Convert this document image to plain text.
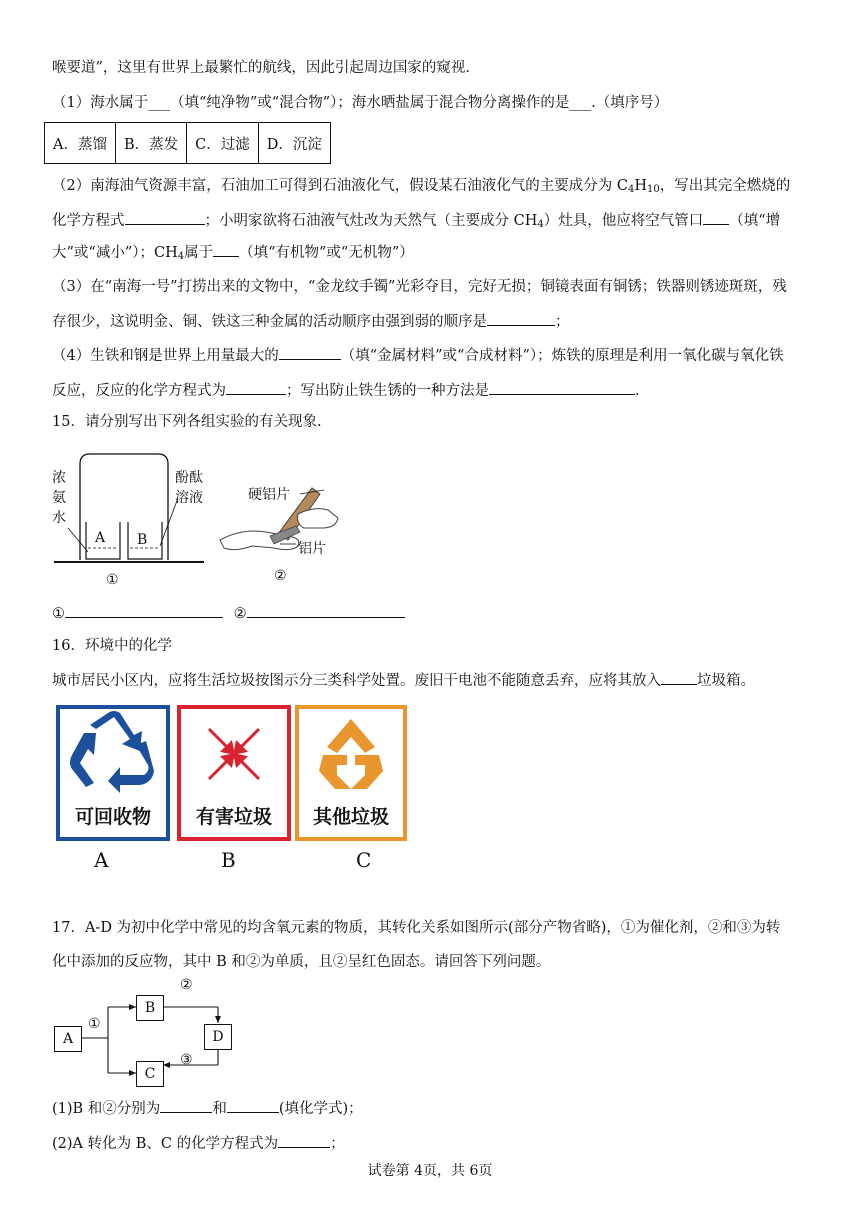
喉要道”，这里有世界上最繁忙的航线，因此引起周边国家的窥视.
（1）海水属于___（填“纯净物”或“混合物”）；海水晒盐属于混合物分离操作的是___.（填序号）
A．蒸馏	B．蒸发	C．过滤	D．沉淀
（2）南海油气资源丰富，石油加工可得到石油液化气，假设某石油液化气的主要成分为 $C_4H_{10}$，写出其完全燃烧的
化学方程式	；小明家欲将石油液气灶改为天然气（主要成分 $CH_4$）灶具，他应将空气管口 （填“增
大”或“减小”）；$CH_4$属于 （填“有机物”或“无机物”）
（3）在“南海一号”打捞出来的文物中，“金龙纹手镯”光彩夺目，完好无损；铜镜表面有铜锈；铁器则锈迹斑斑，残
存很少，这说明金、铜、铁这三种金属的活动顺序由强到弱的顺序是	；
（4）生铁和钢是世界上用量最大的	（填“金属材料”或“合成材料”）；炼铁的原理是利用一氧化碳与氧化铁
反应，反应的化学方程式为	；写出防止铁生锈的一种方法是	.
15．请分别写出下列各组实验的有关现象.
浓
氨
水
酚酞
溶液
A B
①
硬铝片
铝片
②
①	②
16．环境中的化学
城市居民小区内，应将生活垃圾按图示分三类科学处置。废旧干电池不能随意丢弃，应将其放入 垃圾箱。
可回收物	有害垃圾	其他垃圾
A	B	C
17．A-D 为初中化学中常见的均含氧元素的物质，其转化关系如图所示(部分产物省略)，①为催化剂，②和③为转
化中添加的反应物，其中 B 和②为单质，且②呈红色固态。请回答下列问题。
A
B
C
D
①
②
③
(1)B 和②分别为	和	(填化学式)；
(2)A 转化为 B、C 的化学方程式为	；
试卷第 4页，共 6页
